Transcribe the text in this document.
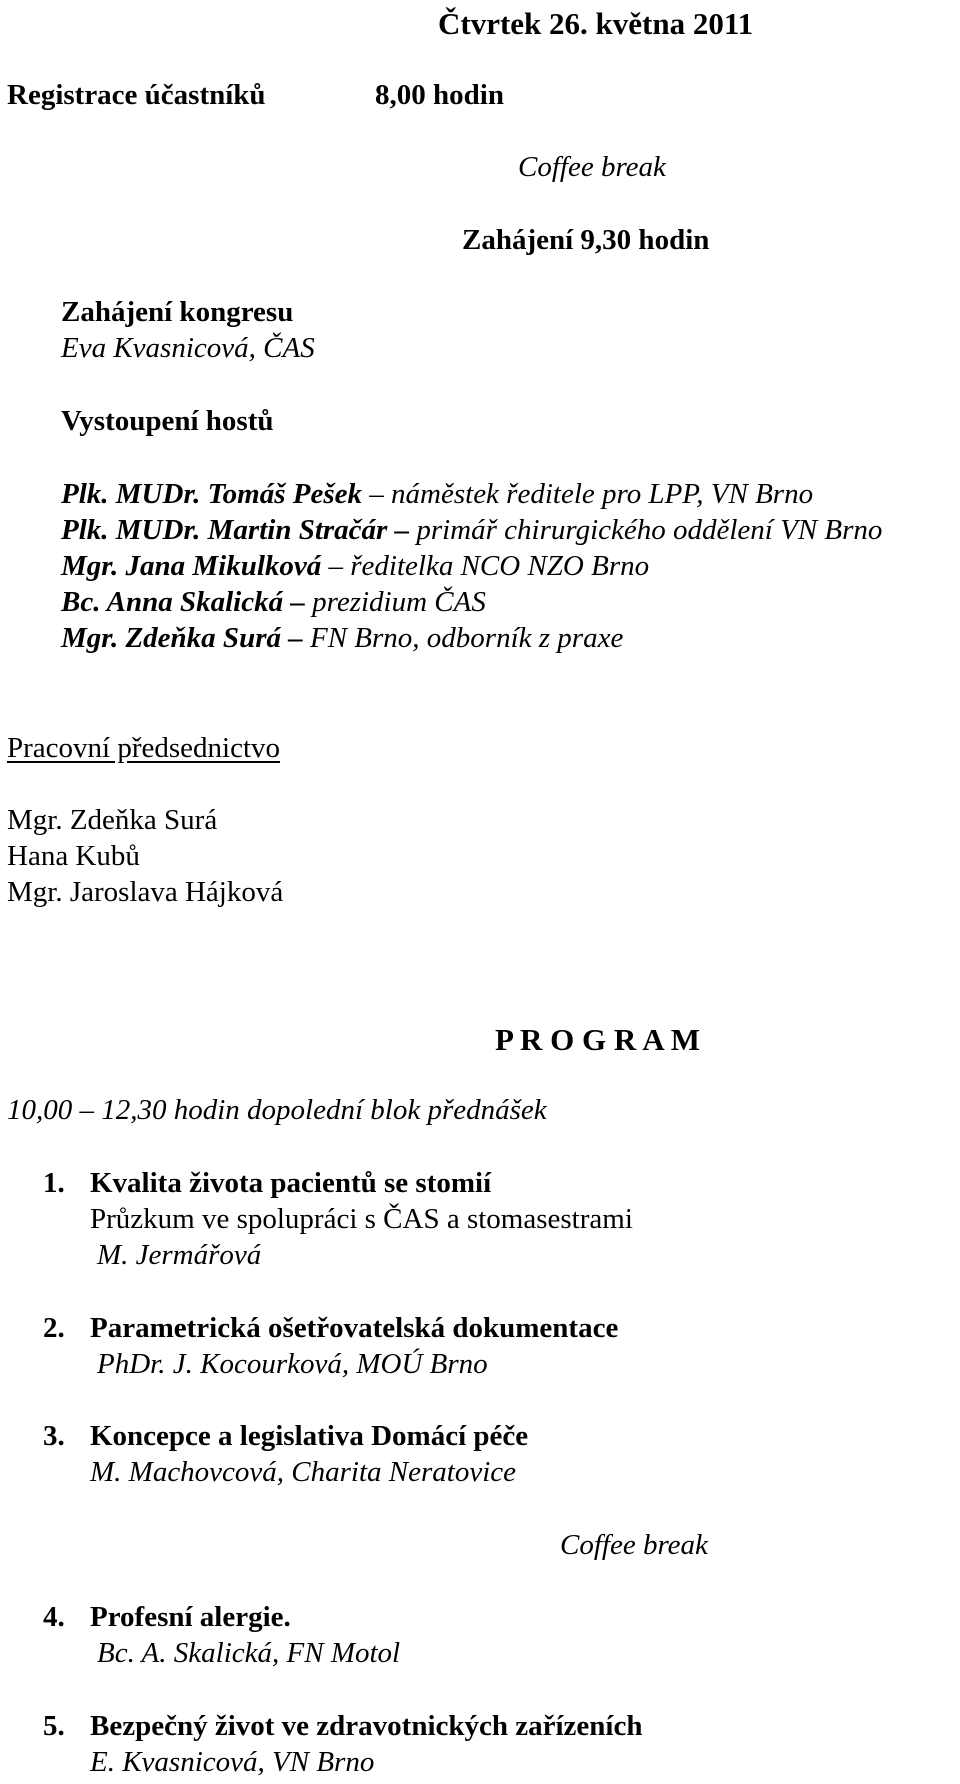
Čtvrtek 26. května 2011
Registrace účastníků	8,00 hodin
Coffee break
Zahájení 9,30 hodin
Zahájení kongresu
Eva Kvasnicová, ČAS
Vystoupení hostů
Plk. MUDr. Tomáš Pešek – náměstek ředitele pro LPP, VN Brno
Plk. MUDr. Martin Stračár – primář chirurgického oddělení VN Brno
Mgr. Jana Mikulková – ředitelka NCO NZO Brno
Bc. Anna Skalická – prezidium ČAS
Mgr. Zdeňka Surá – FN Brno, odborník z praxe
Pracovní předsednictvo
Mgr. Zdeňka Surá
Hana Kubů
Mgr. Jaroslava Hájková
P R O G R A M
10,00 – 12,30 hodin dopolední blok přednášek
1. Kvalita života pacientů se stomií
Průzkum ve spolupráci s ČAS a stomasestrami
M. Jermářová
2. Parametrická ošetřovatelská dokumentace
PhDr. J. Kocourková, MOÚ Brno
3. Koncepce a legislativa Domácí péče
M. Machovcová, Charita Neratovice
Coffee break
4. Profesní alergie.
Bc. A. Skalická, FN Motol
5. Bezpečný život ve zdravotnických zařízeních
E. Kvasnicová, VN Brno
